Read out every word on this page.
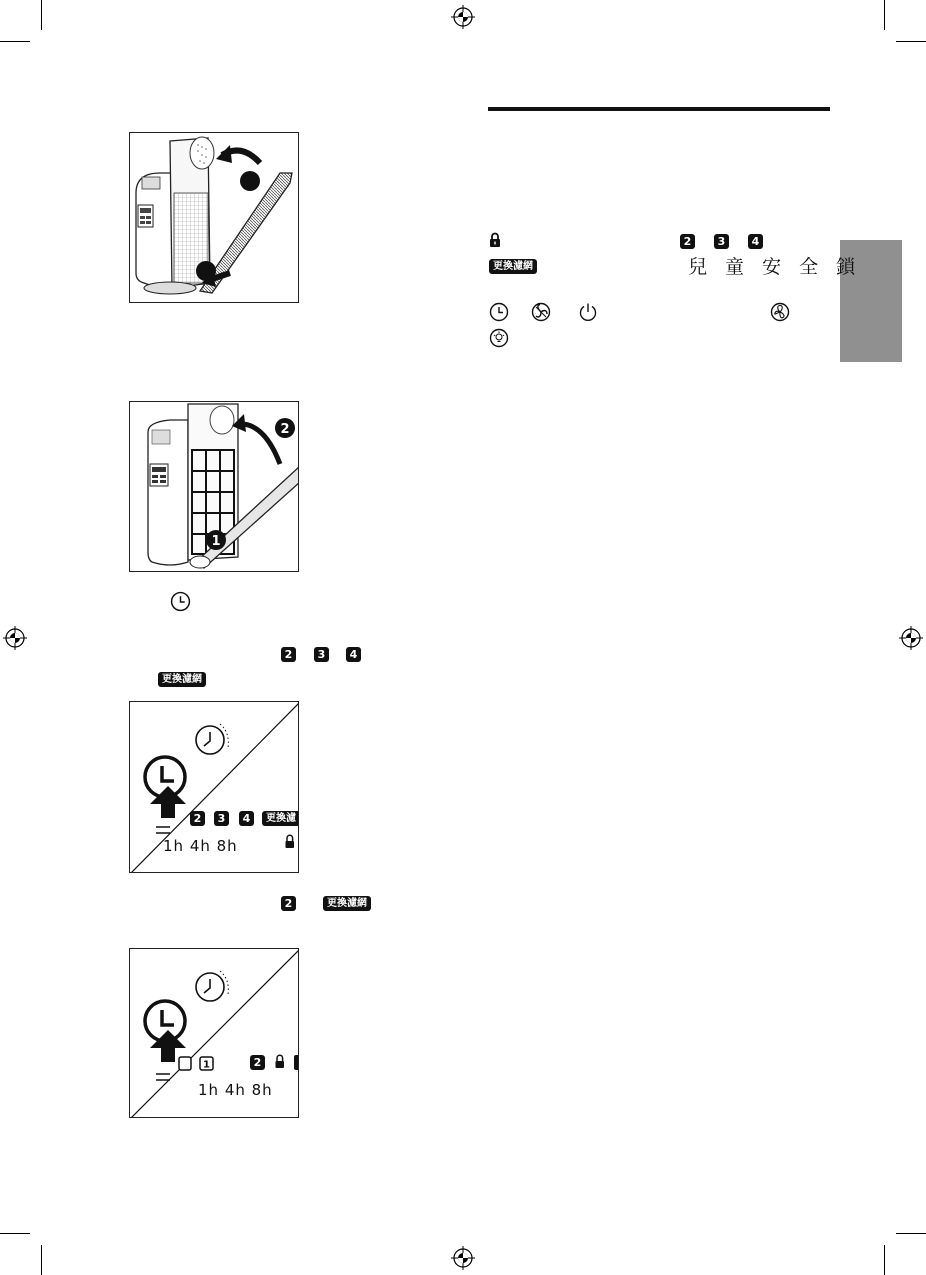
2	3	4
更換濾網	兒 童 安 全 鎖
2
1
2	3	4
更換濾網
2	3	4	更換濾
1h 4h 8h
2	更換濾網
1	2
1h 4h 8h
